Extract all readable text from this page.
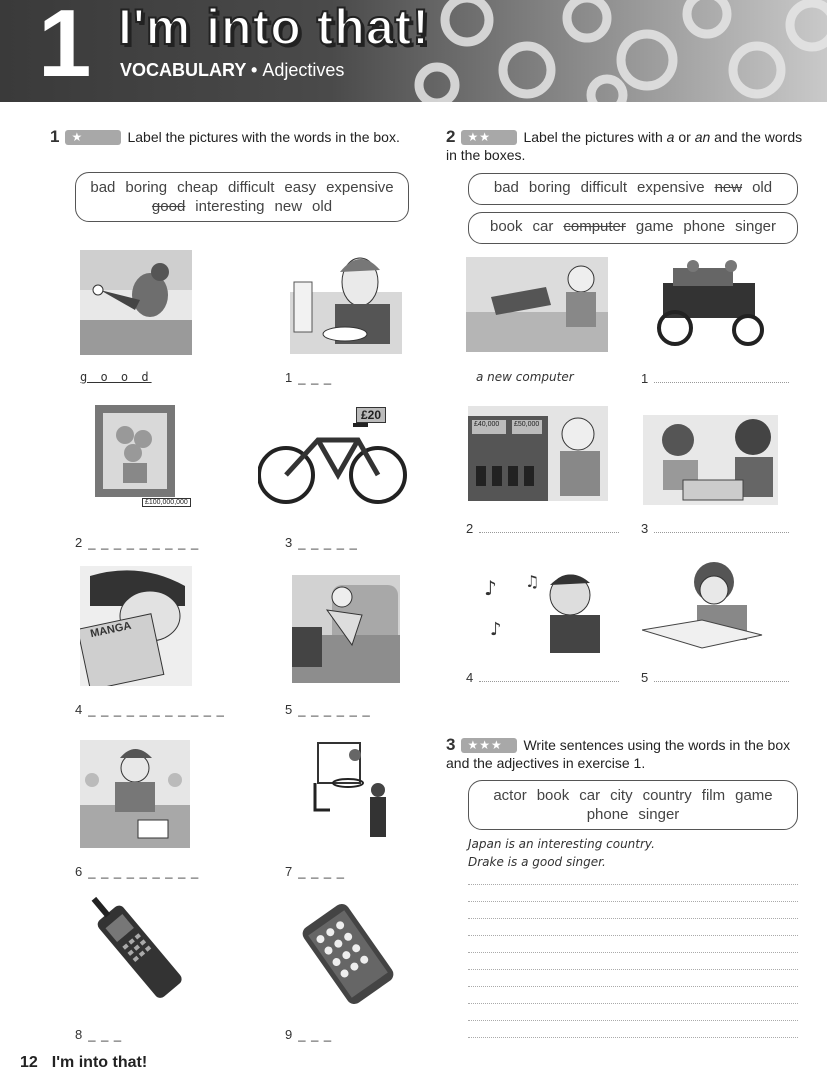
1 I'm into that!
VOCABULARY • Adjectives
1 ★	Label the pictures with the words in the box.
bad boring cheap difficult easy expensive
good interesting new old
£100,000,000
£20
MANGA
g o o d	1 _ _ _
2 _ _ _ _ _ _ _ _ _	3 _ _ _ _ _
4 _ _ _ _ _ _ _ _ _ _ _	5 _ _ _ _ _ _
6 _ _ _ _ _ _ _ _ _	7 _ _ _ _
8 _ _ _	9 _ _ _
2 ★★ Label the pictures with a or an and the words in the boxes.
bad boring difficult expensive new old
book car computer game phone singer
£40,000 £50,000
♪ ♫
♪
a new computer	1
2	3
4	5
3 ★★★ Write sentences using the words in the box and the adjectives in exercise 1.
actor book car city country film game
phone singer
Japan is an interesting country.
Drake is a good singer.
12 I'm into that!
